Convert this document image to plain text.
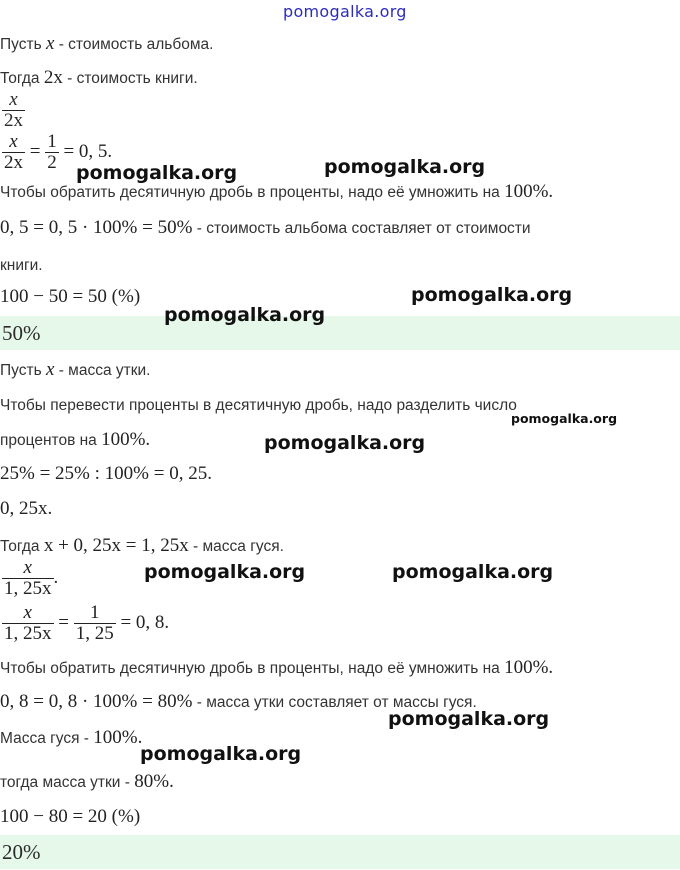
pomogalka.org
Пусть x - стоимость альбома.
Тогда 2x - стоимость книги.
$\frac{x}{2x}$
$\frac{x}{2x} = \frac{1}{2} = 0$, 5.
Чтобы обратить десятичную дробь в проценты, надо её умножить на 100%.
0, 5 = 0, 5 · 100% = 50% - стоимость альбома составляет от стоимости
книги.
100 − 50 = 50 (%)
50%
Пусть x - масса утки.
Чтобы перевести проценты в десятичную дробь, надо разделить число
процентов на 100%.
25% = 25% : 100% = 0, 25.
0, 25x.
Тогда x + 0, 25x = 1, 25x - масса гуся.
$\frac{x}{1, 25x}$ .
$\frac{x}{1, 25x} = \frac{1}{1, 25} = 0$, 8.
Чтобы обратить десятичную дробь в проценты, надо её умножить на 100%.
0, 8 = 0, 8 · 100% = 80% - масса утки составляет от массы гуся.
Масса гуся - 100%.
тогда масса утки - 80%.
100 − 80 = 20 (%)
20%
pomogalka.org	pomogalka.org
pomogalka.org
pomogalka.org
pomogalka.org
pomogalka.org
pomogalka.org	pomogalka.org
pomogalka.org
pomogalka.org
